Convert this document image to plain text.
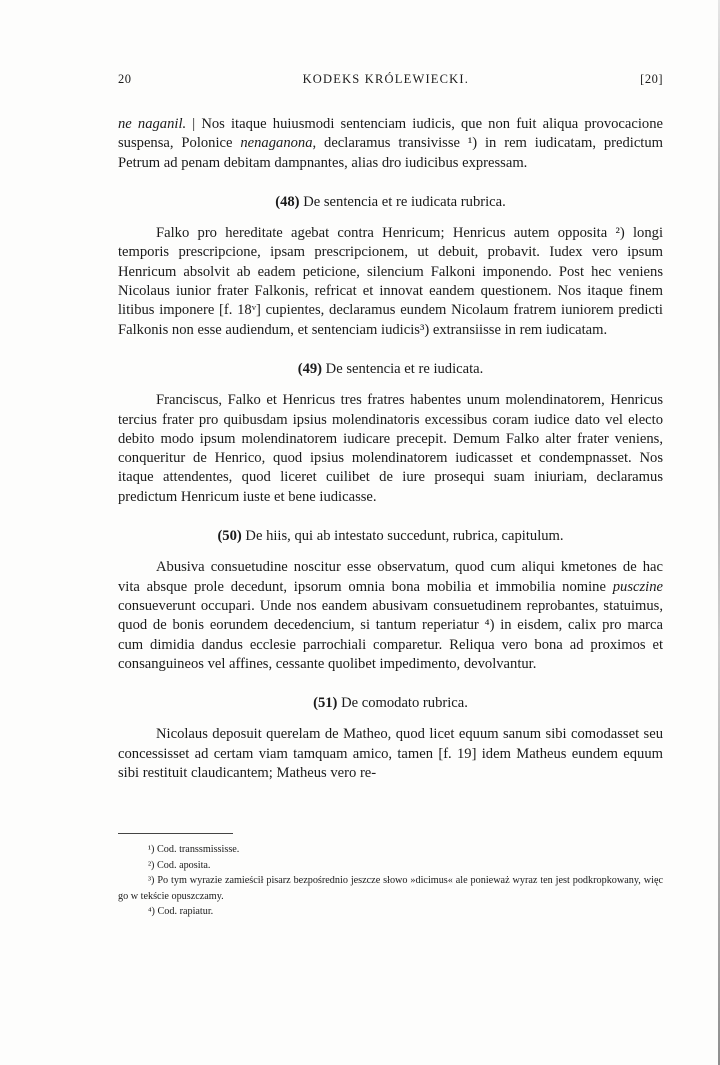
20	KODEKS KRÓLEWIECKI.	[20]

ne naganil. | Nos itaque huiusmodi sentenciam iudicis, que non fuit aliqua provocacione suspensa, Polonice nenaganona, declaramus transivisse ¹) in rem iudicatam, predictum Petrum ad penam debitam dampnantes, alias dro iudicibus expressam.

(48) De sentencia et re iudicata rubrica.

Falko pro hereditate agebat contra Henricum; Henricus autem opposita ²) longi temporis prescripcione, ipsam prescripcionem, ut debuit, probavit. Iudex vero ipsum Henricum absolvit ab eadem peticione, silencium Falkoni imponendo. Post hec veniens Nicolaus iunior frater Falkonis, refricat et innovat eandem questionem. Nos itaque finem litibus imponere [f. 18ᵛ] cupientes, declaramus eundem Nicolaum fratrem iuniorem predicti Falkonis non esse audiendum, et sentenciam iudicis³) extransiisse in rem iudicatam.

(49) De sentencia et re iudicata.

Franciscus, Falko et Henricus tres fratres habentes unum molendinatorem, Henricus tercius frater pro quibusdam ipsius molendinatoris excessibus coram iudice dato vel electo debito modo ipsum molendinatorem iudicare precepit. Demum Falko alter frater veniens, conqueritur de Henrico, quod ipsius molendinatorem iudicasset et condempnasset. Nos itaque attendentes, quod liceret cuilibet de iure prosequi suam iniuriam, declaramus predictum Henricum iuste et bene iudicasse.

(50) De hiis, qui ab intestato succedunt, rubrica, capitulum.

Abusiva consuetudine noscitur esse observatum, quod cum aliqui kmetones de hac vita absque prole decedunt, ipsorum omnia bona mobilia et immobilia nomine pusczine consueverunt occupari. Unde nos eandem abusivam consuetudinem reprobantes, statuimus, quod de bonis eorundem decedencium, si tantum reperiatur ⁴) in eisdem, calix pro marca cum dimidia dandus ecclesie parrochiali comparetur. Reliqua vero bona ad proximos et consanguineos vel affines, cessante quolibet impedimento, devolvantur.

(51) De comodato rubrica.

Nicolaus deposuit querelam de Matheo, quod licet equum sanum sibi comodasset seu concessisset ad certam viam tamquam amico, tamen [f. 19] idem Matheus eundem equum sibi restituit claudicantem; Matheus vero re-

¹) Cod. transsmississe.

²) Cod. aposita.

³) Po tym wyrazie zamieścił pisarz bezpośrednio jeszcze słowo »dicimus« ale ponieważ wyraz ten jest podkropkowany, więc go w tekście opuszczamy.

⁴) Cod. rapiatur.
